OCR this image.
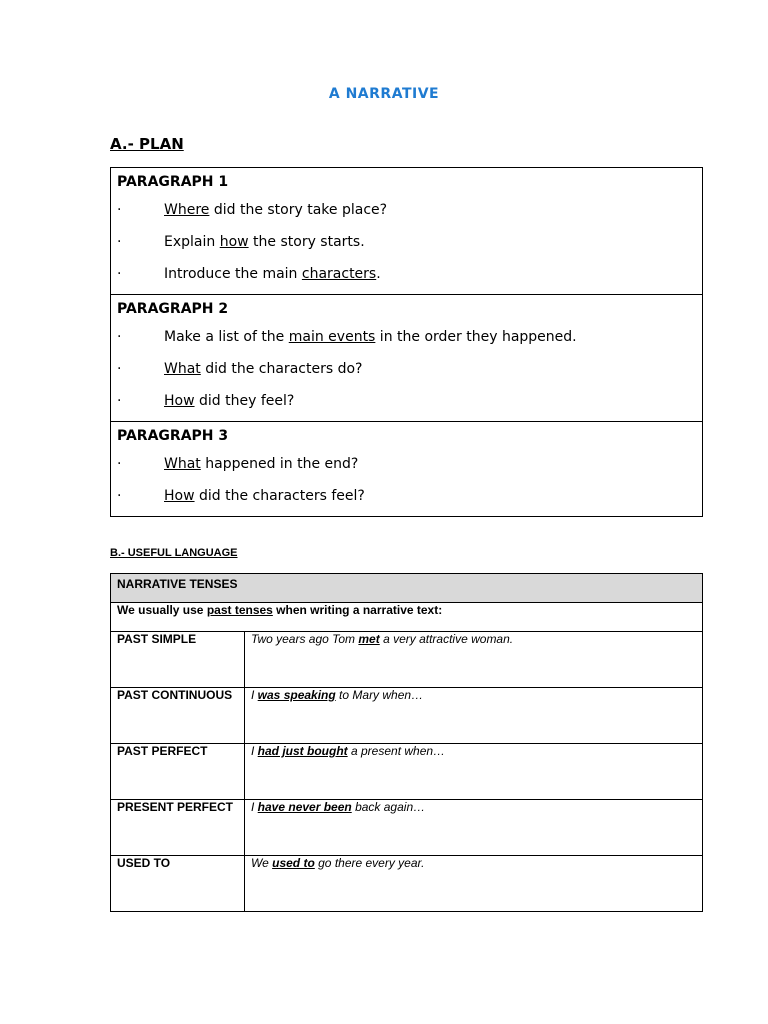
A NARRATIVE
A.- PLAN
PARAGRAPH 1
·	Where did the story take place?
·	Explain how the story starts.
·	Introduce the main characters.
PARAGRAPH 2
·	Make a list of the main events in the order they happened.
·	What did the characters do?
·	How did they feel?
PARAGRAPH 3
·	What happened in the end?
·	How did the characters feel?
B.- USEFUL LANGUAGE
NARRATIVE TENSES	
We usually use past tenses when writing a narrative text:	
PAST SIMPLE	Two years ago Tom met a very attractive woman.
PAST CONTINUOUS	I was speaking to Mary when…
PAST PERFECT	I had just bought a present when…
PRESENT PERFECT	I have never been back again…
USED TO	We used to go there every year.
